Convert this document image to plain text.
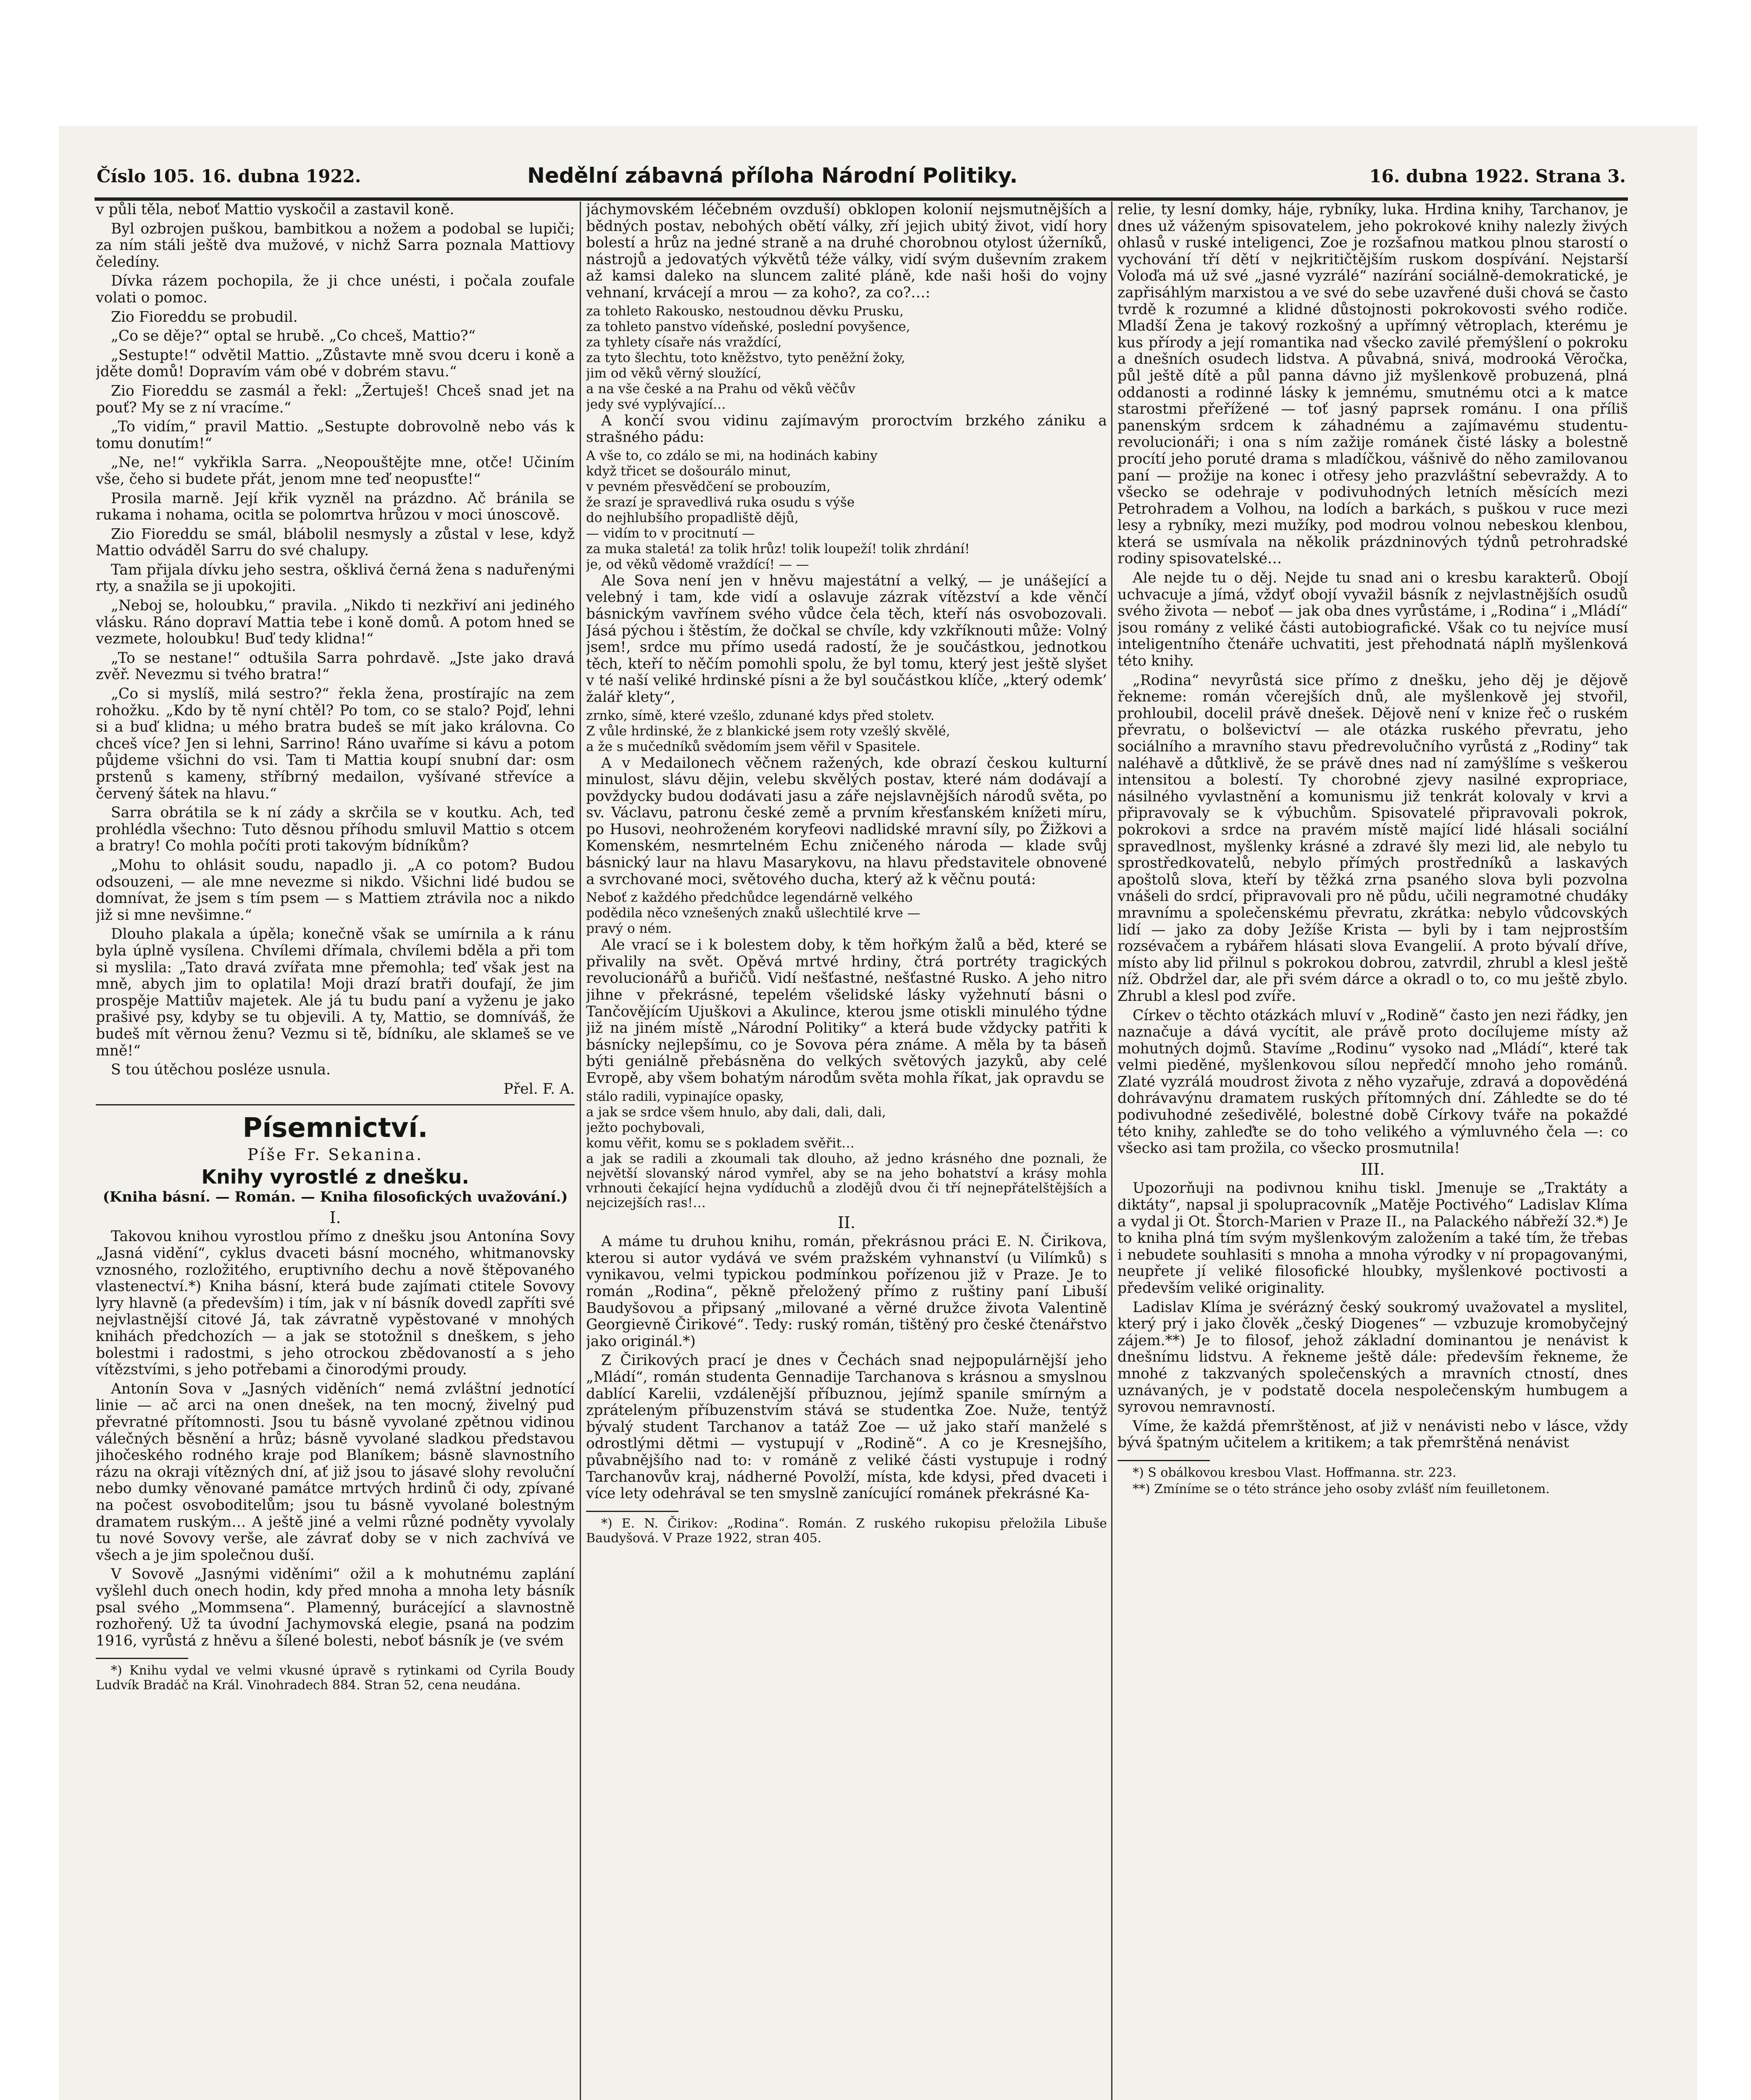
Číslo 105. 16. dubna 1922.	Nedělní zábavná příloha Národní Politiky.	16. dubna 1922. Strana 3.

v půli těla, neboť Mattio vyskočil a zastavil koně.

Byl ozbrojen puškou, bambitkou a nožem a podobal se lupiči; za ním stáli ještě dva mužové, v nichž Sarra poznala Mattiovy čeledíny.

Dívka rázem pochopila, že ji chce unésti, i počala zoufale volati o pomoc.

Zio Fioreddu se probudil.

„Co se děje?“ optal se hrubě. „Co chceš, Mattio?“

„Sestupte!“ odvětil Mattio. „Zůstavte mně svou dceru i koně a jděte domů! Dopravím vám obé v dobrém stavu.“

Zio Fioreddu se zasmál a řekl: „Žertuješ! Chceš snad jet na pouť? My se z ní vracíme.“

„To vidím,“ pravil Mattio. „Sestupte dobrovolně nebo vás k tomu donutím!“

„Ne, ne!“ vykřikla Sarra. „Neopouštějte mne, otče! Učiním vše, čeho si budete přát, jenom mne teď neopusťte!“

Prosila marně. Její křik vyzněl na prázdno. Ač bránila se rukama i nohama, ocitla se polomrtva hrůzou v moci únoscově.

Zio Fioreddu se smál, blábolil nesmysly a zůstal v lese, když Mattio odváděl Sarru do své chalupy.

Tam přijala dívku jeho sestra, ošklivá černá žena s naduřenými rty, a snažila se ji upokojiti.

„Neboj se, holoubku,“ pravila. „Nikdo ti nezkřiví ani jediného vlásku. Ráno dopraví Mattia tebe i koně domů. A potom hned se vezmete, holoubku! Buď tedy klidna!“

„To se nestane!“ odtušila Sarra pohrdavě. „Jste jako dravá zvěř. Nevezmu si tvého bratra!“

„Co si myslíš, milá sestro?“ řekla žena, prostírajíc na zem rohožku. „Kdo by tě nyní chtěl? Po tom, co se stalo? Pojď, lehni si a buď klidna; u mého bratra budeš se mít jako královna. Co chceš více? Jen si lehni, Sarrino! Ráno uvaříme si kávu a potom půjdeme všichni do vsi. Tam ti Mattia koupí snubní dar: osm prstenů s kameny, stříbrný medailon, vyšívané střevíce a červený šátek na hlavu.“

Sarra obrátila se k ní zády a skrčila se v koutku. Ach, teď prohlédla všechno: Tuto děsnou příhodu smluvil Mattio s otcem a bratry! Co mohla počíti proti takovým bídníkům?

„Mohu to ohlásit soudu, napadlo ji. „A co potom? Budou odsouzeni, — ale mne nevezme si nikdo. Všichni lidé budou se domnívat, že jsem s tím psem — s Mattiem ztrávila noc a nikdo již si mne nevšimne.“

Dlouho plakala a úpěla; konečně však se umírnila a k ránu byla úplně vysílena. Chvílemi dřímala, chvílemi bděla a při tom si myslila: „Tato dravá zvířata mne přemohla; teď však jest na mně, abych jim to oplatila! Moji drazí bratři doufají, že jim prospěje Mattiův majetek. Ale já tu budu paní a vyženu je jako prašivé psy, kdyby se tu objevili. A ty, Mattio, se domníváš, že budeš mít věrnou ženu? Vezmu si tě, bídníku, ale sklameš se ve mně!“

S tou útěchou posléze usnula.

Přel. F. A.

Písemnictví.
Píše Fr. Sekanina.
Knihy vyrostlé z dnešku.
(Kniha básní. — Román. — Kniha filosofických uvažování.)
I.

Takovou knihou vyrostlou přímo z dnešku jsou Antonína Sovy „Jasná vidění“, cyklus dvaceti básní mocného, whitmanovsky vznosného, rozložitého, eruptivního dechu a nově štěpovaného vlastenectví.*) Kniha básní, která bude zajímati ctitele Sovovy lyry hlavně (a především) i tím, jak v ní básník dovedl zapříti své nejvlastnější citové Já, tak závratně vypěstované v mnohých knihách předchozích — a jak se stotožnil s dneškem, s jeho bolestmi i radostmi, s jeho otrockou zbědovaností a s jeho vítězstvími, s jeho potřebami a činorodými proudy.

Antonín Sova v „Jasných viděních“ nemá zvláštní jednotící linie — ač arci na onen dnešek, na ten mocný, živelný pud převratné přítomnosti. Jsou tu básně vyvolané zpětnou vidinou válečných běsnění a hrůz; básně vyvolané sladkou představou jihočeského rodného kraje pod Blaníkem; básně slavnostního rázu na okraji vítězných dní, ať již jsou to jásavé slohy revoluční nebo dumky věnované památce mrtvých hrdinů či ody, zpívané na počest osvoboditelům; jsou tu básně vyvolané bolestným dramatem ruským… A ještě jiné a velmi různé podněty vyvolaly tu nové Sovovy verše, ale závrať doby se v nich zachvívá ve všech a je jim společnou duší.

V Sovově „Jasnými viděními“ ožil a k mohutnému zaplání vyšlehl duch onech hodin, kdy před mnoha a mnoha lety básník psal svého „Mommsena“. Plamenný, burácející a slavnostně rozhořený. Už ta úvodní Jachymovská elegie, psaná na podzim 1916, vyrůstá z hněvu a šílené bolesti, neboť básník je (ve svém

*) Knihu vydal ve velmi vkusné úpravě s rytinkami od Cyrila Boudy Ludvík Bradáč na Král. Vinohradech 884. Stran 52, cena neudána.

jáchymovském léčebném ovzduší) obklopen kolonií nejsmutnějších a bědných postav, nebohých obětí války, zří jejich ubitý život, vidí hory bolestí a hrůz na jedné straně a na druhé chorobnou otylost úžerníků, nástrojů a jedovatých výkvětů téže války, vidí svým duševním zrakem až kamsi daleko na sluncem zalité pláně, kde naši hoši do vojny vehnaní, krvácejí a mrou — za koho?, za co?…:

za tohleto Rakousko, nestoudnou děvku Prusku,

za tohleto panstvo vídeňské, poslední povyšence,

za tyhlety císaře nás vraždící,

za tyto šlechtu, toto kněžstvo, tyto peněžní žoky,

jim od věků věrný sloužící,

a na vše české a na Prahu od věků věčův

jedy své vyplývající…

A končí svou vidinu zajímavým proroctvím brzkého zániku a strašného pádu:

A vše to, co zdálo se mi, na hodinách kabiny

když třicet se došourálo minut,

v pevném přesvědčení se probouzím,

že srazí je spravedlivá ruka osudu s výše

do nejhlubšího propadliště dějů,

— vidím to v procitnutí —

za muka staletá! za tolik hrůz! tolik loupeží! tolik zhrdání!

je, od věků vědomě vraždící! — —

Ale Sova není jen v hněvu majestátní a velký, — je unášející a velebný i tam, kde vidí a oslavuje zázrak vítězství a kde věnčí básnickým vavřínem svého vůdce čela těch, kteří nás osvobozovali. Jásá pýchou i štěstím, že dočkal se chvíle, kdy vzkříknouti může: Volný jsem!, srdce mu přímo usedá radostí, že je součástkou, jednotkou těch, kteří to něčím pomohli spolu, že byl tomu, který jest ještě slyšet v té naší veliké hrdinské písni a že byl součástkou klíče, „který odemk’ žalář klety“,

zrnko, símě, které vzešlo, zdunané kdys před stoletv.

Z vůle hrdinské, že z blankické jsem roty vzešlý skvělé,

a že s mučedníků svědomím jsem věřil v Spasitele.

A v Medailonech věčnem ražených, kde obrazí českou kulturní minulost, slávu dějin, velebu skvělých postav, které nám dodávají a povždycky budou dodávati jasu a záře nejslavnějších národů světa, po sv. Václavu, patronu české země a prvním křesťanském knížeti míru, po Husovi, neohroženém koryfeovi nadlidské mravní síly, po Žižkovi a Komenském, nesmrtelném Echu zničeného národa — klade svůj básnický laur na hlavu Masarykovu, na hlavu představitele obnovené a svrchované moci, světového ducha, který až k věčnu poutá:

Neboť z každého předchůdce legendárně velkého

podědila něco vznešených znaků ušlechtilé krve —

pravý o ném.

Ale vrací se i k bolestem doby, k těm hořkým žalů a běd, které se přivalily na svět. Opěvá mrtvé hrdiny, čtrá portréty tragických revolucionářů a buřičů. Vidí nešťastné, nešťastné Rusko. A jeho nitro jihne v překrásné, tepelém všelidské lásky vyžehnutí básni o Tančovějícím Ujuškovi a Akulince, kterou jsme otiskli minulého týdne již na jiném místě „Národní Politiky“ a která bude vždycky patřiti k básnícky nejlepšímu, co je Sovova péra známe. A měla by ta báseň býti geniálně přebásněna do velkých světových jazyků, aby celé Evropě, aby všem bohatým národům světa mohla říkat, jak opravdu se

stálo radili, vypinajíce opasky,

a jak se srdce všem hnulo, aby dali, dali, dali,

ježto pochybovali,

komu věřit, komu se s pokladem svěřit…

a jak se radili a zkoumali tak dlouho, až jedno krásného dne poznali, že největší slovanský národ vymřel, aby se na jeho bohatství a krásy mohla vrhnouti čekající hejna vydíduchů a zlodějů dvou či tří nejnepřátelštějších a nejcizejších ras!…

II.

A máme tu druhou knihu, román, překrásnou práci E. N. Čirikova, kterou si autor vydává ve svém pražském vyhnanství (u Vilímků) s vynikavou, velmi typickou podmínkou pořízenou již v Praze. Je to román „Rodina“, pěkně přeložený přímo z ruštiny paní Libuší Baudyšovou a připsaný „milované a věrné družce života Valentině Georgievně Čirikové“. Tedy: ruský román, tištěný pro české čtenářstvo jako originál.*)

Z Čirikových prací je dnes v Čechách snad nejpopulárnější jeho „Mládí“, román studenta Gennadije Tarchanova s krásnou a smyslnou dablící Karelii, vzdálenější příbuznou, jejímž spanile smírným a zpráteleným příbuzenstvím stává se studentka Zoe. Nuže, tentýž bývalý student Tarchanov a tatáž Zoe — už jako staří manželé s odrostlými dětmi — vystupují v „Rodině“. A co je Kresnejšího, půvabnějšího nad to: v románě z veliké části vystupuje i rodný Tarchanovův kraj, nádherné Povolží, místa, kde kdysi, před dvaceti i více lety odehrával se ten smyslně zanícující románek překrásné Ka-

*) E. N. Čirikov: „Rodina“. Román. Z ruského rukopisu přeložila Libuše Baudyšová. V Praze 1922, stran 405.

relie, ty lesní domky, háje, rybníky, luka. Hrdina knihy, Tarchanov, je dnes už váženým spisovatelem, jeho pokrokové knihy nalezly živých ohlasů v ruské inteligenci, Zoe je rozšafnou matkou plnou starostí o vychování tří dětí v nejkritičtějším ruskom dospívání. Nejstarší Voloďa má už své „jasné vyzrálé“ nazírání sociálně-demokratické, je zapřisáhlým marxistou a ve své do sebe uzavřené duši chová se často tvrdě k rozumné a klidné důstojnosti pokrokovosti svého rodiče. Mladší Žena je takový rozkošný a upřímný větroplach, kterému je kus přírody a její romantika nad všecko zavilé přemýšlení o pokroku a dnešních osudech lidstva. A půvabná, snivá, modrooká Věročka, půl ještě dítě a půl panna dávno již myšlenkově probuzená, plná oddanosti a rodinné lásky k jemnému, smutnému otci a k matce starostmi přeřížené — toť jasný paprsek románu. I ona příliš panenským srdcem k záhadnému a zajímavému studentu-revolucionáři; i ona s ním zažije románek čisté lásky a bolestně procítí jeho poruté drama s mladíčkou, vášnivě do něho zamilovanou paní — prožije na konec i otřesy jeho prazvláštní sebevraždy. A to všecko se odehraje v podivuhodných letních měsících mezi Petrohradem a Volhou, na lodích a barkách, s puškou v ruce mezi lesy a rybníky, mezi mužíky, pod modrou volnou nebeskou klenbou, která se usmívala na několik prázdninových týdnů petrohradské rodiny spisovatelské…

Ale nejde tu o děj. Nejde tu snad ani o kresbu karakterů. Obojí uchvacuje a jímá, vždyť obojí vyvažil básník z nejvlastnějších osudů svého života — neboť — jak oba dnes vyrůstáme, i „Rodina“ i „Mládí“ jsou romány z veliké části autobiografické. Však co tu nejvíce musí inteligentního čtenáře uchvatiti, jest přehodnatá náplň myšlenková této knihy.

„Rodina“ nevyrůstá sice přímo z dnešku, jeho děj je dějově řekneme: román včerejších dnů, ale myšlenkově jej stvořil, prohloubil, docelil právě dnešek. Dějově není v knize řeč o ruském převratu, o bolševictví — ale otázka ruského převratu, jeho sociálního a mravního stavu předrevolučního vyrůstá z „Rodiny“ tak naléhavě a důtklivě, že se právě dnes nad ní zamýšlíme s veškerou intensitou a bolestí. Ty chorobné zjevy nasilné expropriace, násilného vyvlastnění a komunismu již tenkrát kolovaly v krvi a připravovaly se k výbuchům. Spisovatelé připravovali pokrok, pokrokovi a srdce na pravém místě mající lidé hlásali sociální spravedlnost, myšlenky krásné a zdravé šly mezi lid, ale nebylo tu sprostředkovatelů, nebylo přímých prostředníků a laskavých apoštolů slova, kteří by těžká zrna psaného slova byli pozvolna vnášeli do srdcí, připravovali pro ně půdu, učili negramotné chudáky mravnímu a společenskému převratu, zkrátka: nebylo vůdcovských lidí — jako za doby Ježíše Krista — byli by i tam nejprostším rozsévačem a rybářem hlásati slova Evangelií. A proto bývalí dříve, místo aby lid přilnul s pokrokou dobrou, zatvrdil, zhrubl a klesl ještě níž. Obdržel dar, ale při svém dárce a okradl o to, co mu ještě zbylo. Zhrubl a klesl pod zvíře.

Církev o těchto otázkách mluví v „Rodině“ často jen nezi řádky, jen naznačuje a dává vycítit, ale právě proto docílujeme místy až mohutných dojmů. Stavíme „Rodinu“ vysoko nad „Mládí“, které tak velmi pieděné, myšlenkovou sílou nepředčí mnoho jeho románů. Zlaté vyzrálá moudrost života z něho vyzařuje, zdravá a dopovědéná dohrávavýnu dramatem ruských přítomných dní. Záhledte se do té podivuhodné zešedivělé, bolestné době Církovy tváře na pokaždé této knihy, zahleďte se do toho velikého a výmluvného čela —: co všecko asi tam prožila, co všecko prosmutnila!

III.

Upozorňuji na podivnou knihu tiskl. Jmenuje se „Traktáty a diktáty“, napsal ji spolupracovník „Matěje Poctivého“ Ladislav Klíma a vydal ji Ot. Štorch-Marien v Praze II., na Palackého nábřeží 32.*) Je to kniha plná tím svým myšlenkovým založením a také tím, že třebas i nebudete souhlasiti s mnoha a mnoha výrodky v ní propagovanými, neupřete jí veliké filosofické hloubky, myšlenkové poctivosti a především veliké originality.

Ladislav Klíma je svérázný český soukromý uvažovatel a myslitel, který prý i jako člověk „český Diogenes“ — vzbuzuje kromobyčejný zájem.**) Je to filosof, jehož základní dominantou je nenávist k dnešnímu lidstvu. A řekneme ještě dále: především řekneme, že mnohé z takzvaných společenských a mravních ctností, dnes uznávaných, je v podstatě docela nespolečenským humbugem a syrovou nemravností.

Víme, že každá přemrštěnost, ať již v nenávisti nebo v lásce, vždy bývá špatným učitelem a kritikem; a tak přemrštěná nenávist

*) S obálkovou kresbou Vlast. Hoffmanna. str. 223.

**) Zmíníme se o této stránce jeho osoby zvlášť ním feuilletonem.
